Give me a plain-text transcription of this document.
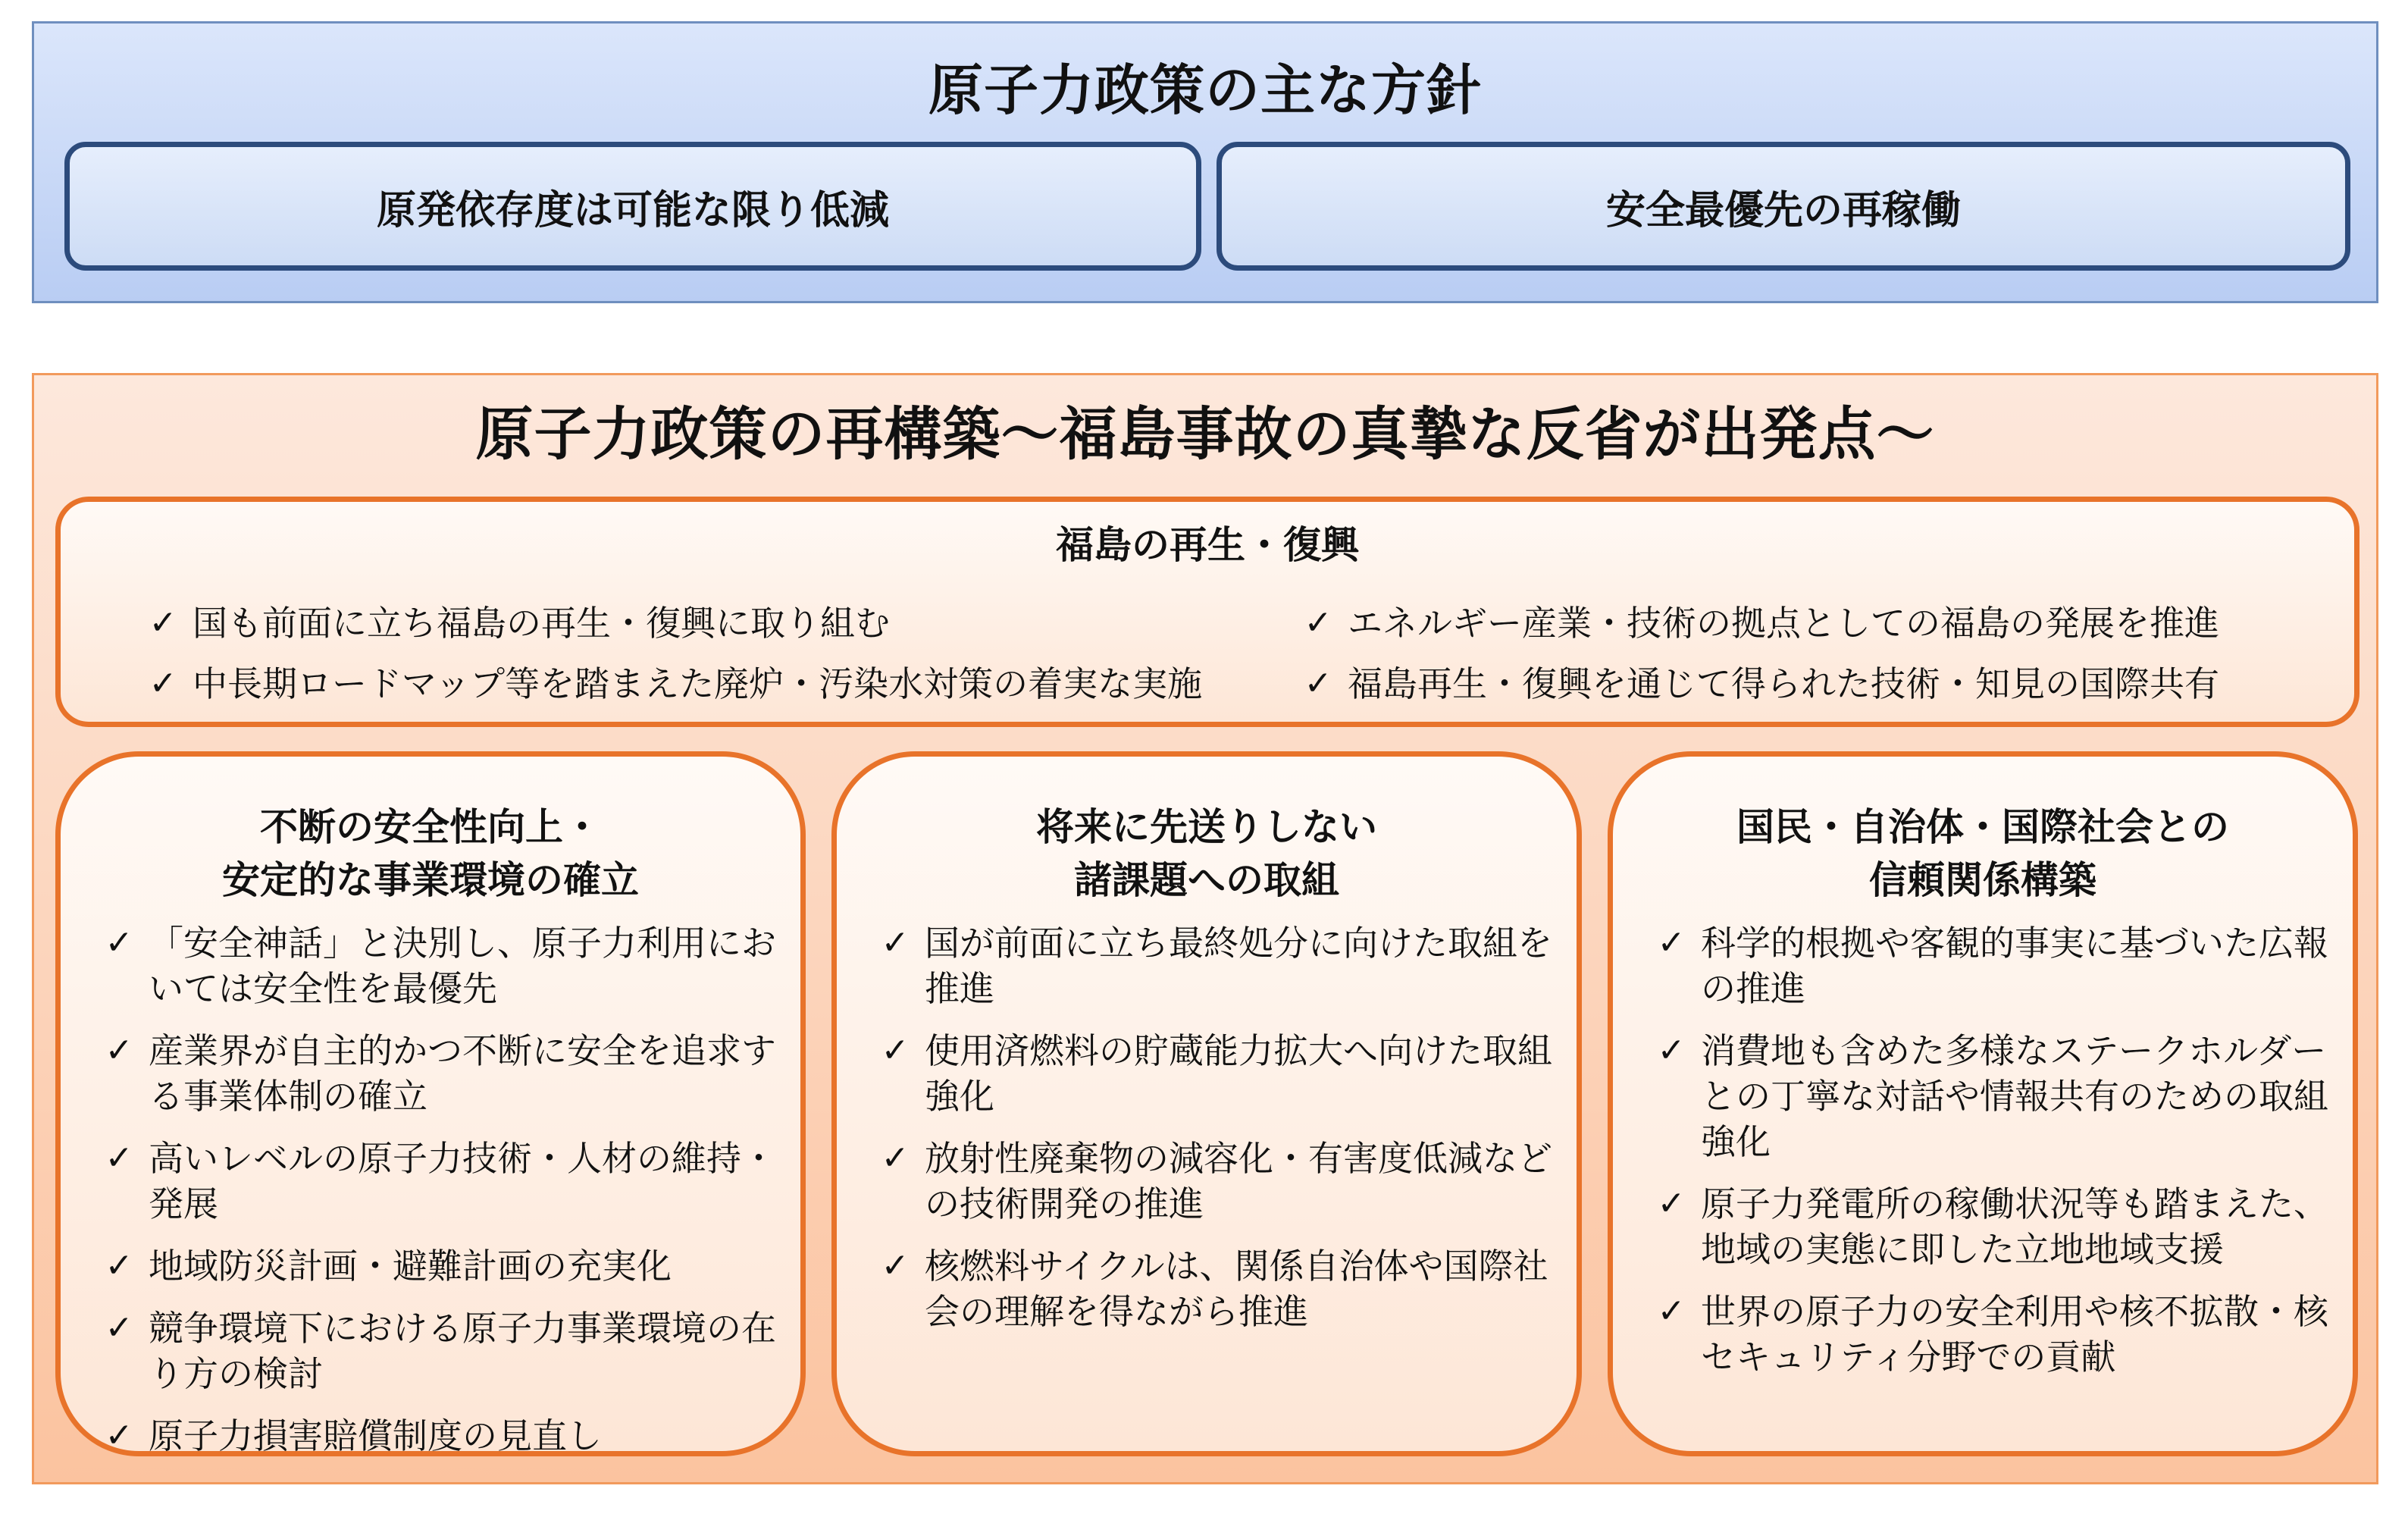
原子力政策の主な方針
原発依存度は可能な限り低減	安全最優先の再稼働
原子力政策の再構築～福島事故の真摯な反省が出発点～
福島の再生・復興
✓ 国も前面に立ち福島の再生・復興に取り組む
✓ 中長期ロードマップ等を踏まえた廃炉・汚染水対策の着実な実施
✓ エネルギー産業・技術の拠点としての福島の発展を推進
✓ 福島再生・復興を通じて得られた技術・知見の国際共有
不断の安全性向上・
安定的な事業環境の確立
✓ 「安全神話」と決別し、原子力利用においては安全性を最優先
✓ 産業界が自主的かつ不断に安全を追求する事業体制の確立
✓ 高いレベルの原子力技術・人材の維持・発展
✓ 地域防災計画・避難計画の充実化
✓ 競争環境下における原子力事業環境の在り方の検討
✓ 原子力損害賠償制度の見直し
将来に先送りしない
諸課題への取組
✓ 国が前面に立ち最終処分に向けた取組を推進
✓ 使用済燃料の貯蔵能力拡大へ向けた取組強化
✓ 放射性廃棄物の減容化・有害度低減などの技術開発の推進
✓ 核燃料サイクルは、関係自治体や国際社会の理解を得ながら推進
国民・自治体・国際社会との
信頼関係構築
✓ 科学的根拠や客観的事実に基づいた広報の推進
✓ 消費地も含めた多様なステークホルダーとの丁寧な対話や情報共有のための取組強化
✓ 原子力発電所の稼働状況等も踏まえた、地域の実態に即した立地地域支援
✓ 世界の原子力の安全利用や核不拡散・核セキュリティ分野での貢献
